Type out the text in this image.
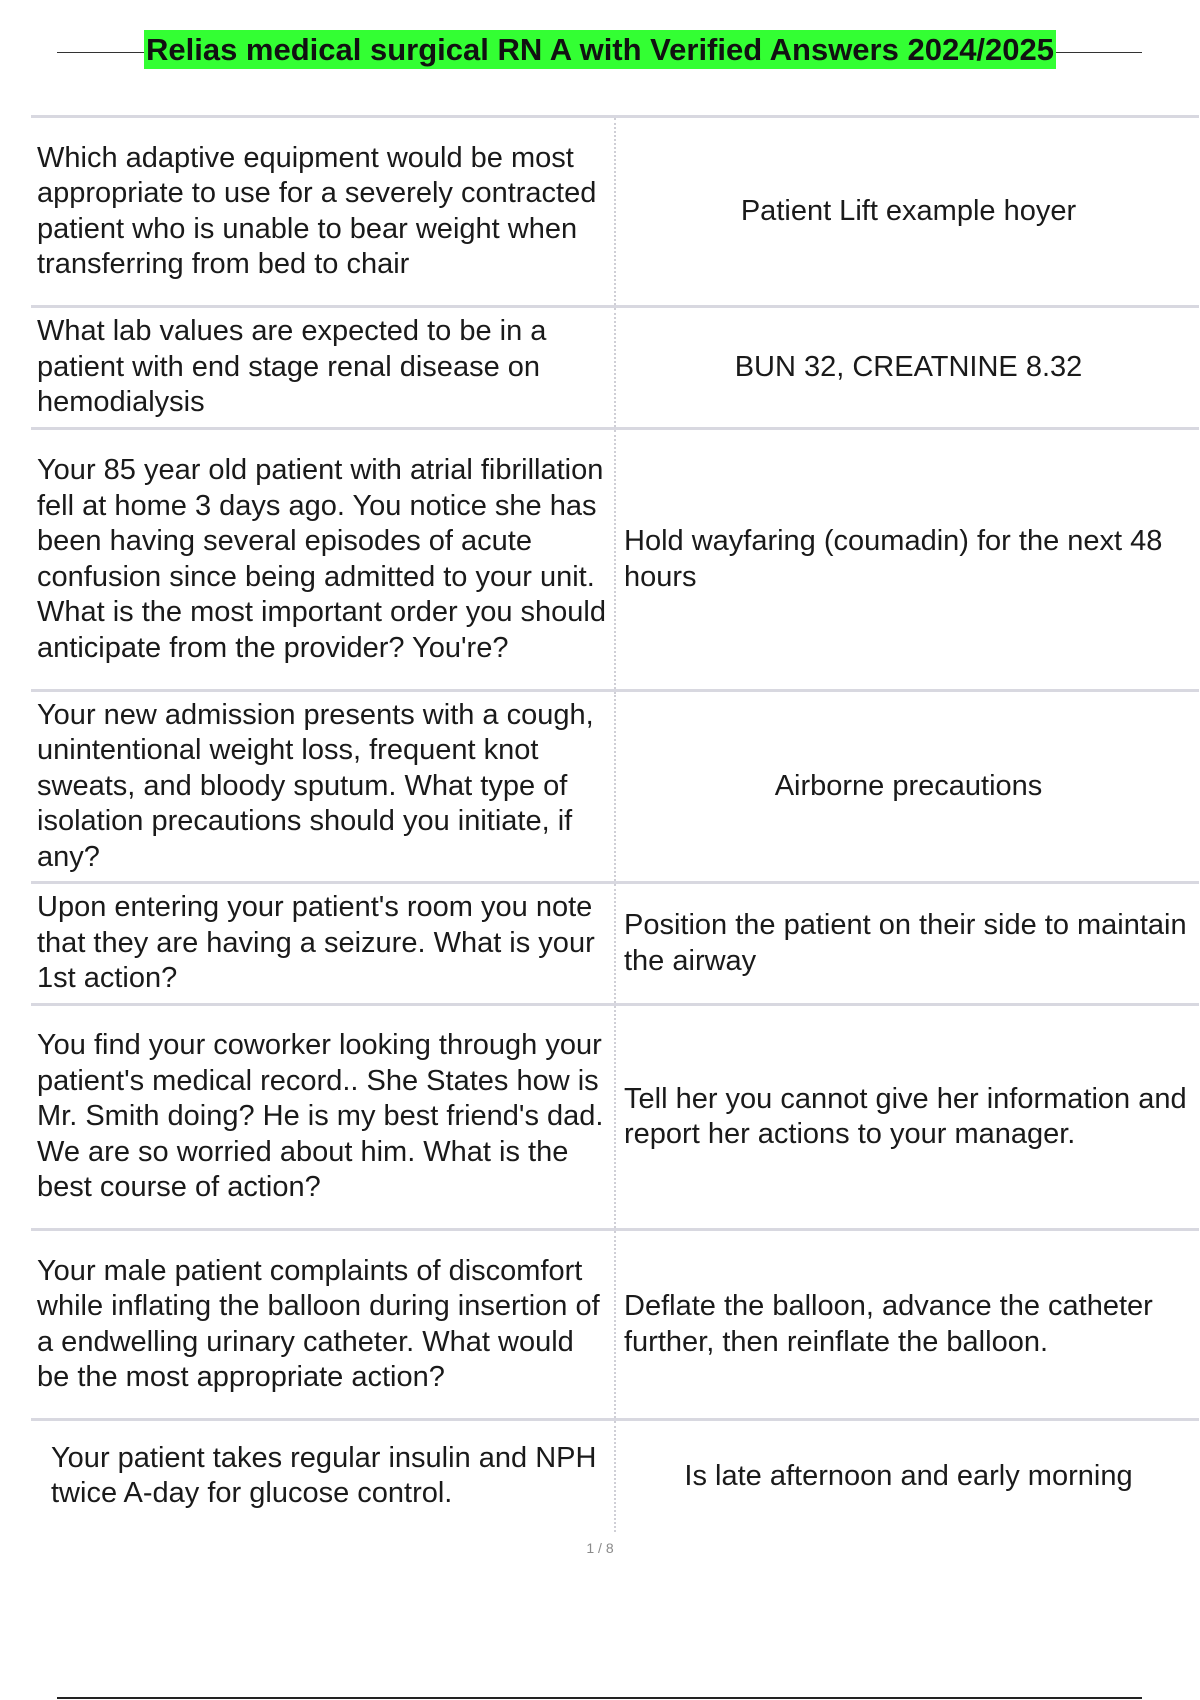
Relias medical surgical RN A with Verified Answers 2024/2025
Which adaptive equipment would be most appropriate to use for a severely contracted patient who is unable to bear weight when transferring from bed to chair	Patient Lift example hoyer
What lab values are expected to be in a patient with end stage renal disease on hemodialysis	BUN 32, CREATNINE 8.32
Your 85 year old patient with atrial fibrillation fell at home 3 days ago. You notice she has been having several episodes of acute confusion since being admitted to your unit. What is the most important order you should anticipate from the provider? You're?	Hold wayfaring (coumadin) for the next 48 hours
Your new admission presents with a cough, unintentional weight loss, frequent knot sweats, and bloody sputum. What type of isolation precautions should you initiate, if any?	Airborne precautions
Upon entering your patient's room you note that they are having a seizure. What is your 1st action?	Position the patient on their side to maintain the airway
You find your coworker looking through your patient's medical record.. She States how is Mr. Smith doing? He is my best friend's dad. We are so worried about him. What is the best course of action?	Tell her you cannot give her information and report her actions to your manager.
Your male patient complaints of discomfort while inflating the balloon during insertion of a endwelling urinary catheter. What would be the most appropriate action?	Deflate the balloon, advance the catheter further, then reinflate the balloon.
Your patient takes regular insulin and NPH twice A-day for glucose control.	Is late afternoon and early morning
1 / 8
